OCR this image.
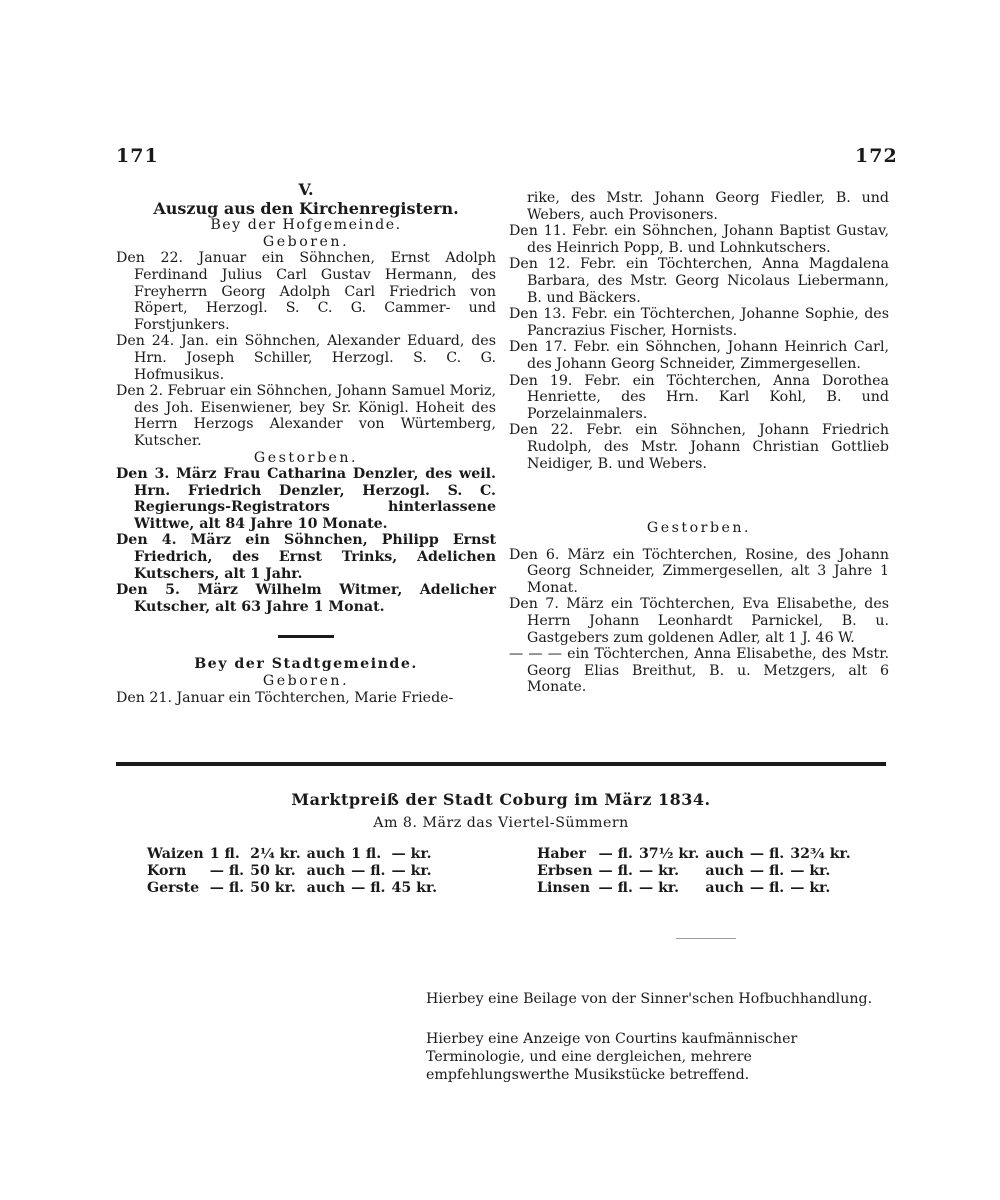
171	172
V.
Auszug aus den Kirchenregistern.
Bey der Hofgemeinde.
Geboren.
Den 22. Januar ein Söhnchen, Ernst Adolph Ferdinand Julius Carl Gustav Hermann, des Freyherrn Georg Adolph Carl Friedrich von Röpert, Herzogl. S. C. G. Cammer- und Forstjunkers.
Den 24. Jan. ein Söhnchen, Alexander Eduard, des Hrn. Joseph Schiller, Herzogl. S. C. G. Hofmusikus.
Den 2. Februar ein Söhnchen, Johann Samuel Moriz, des Joh. Eisenwiener, bey Sr. Königl. Hoheit des Herrn Herzogs Alexander von Würtemberg, Kutscher.
Gestorben.
Den 3. März Frau Catharina Denzler, des weil. Hrn. Friedrich Denzler, Herzogl. S. C. Regierungs-Registrators hinterlassene Wittwe, alt 84 Jahre 10 Monate.
Den 4. März ein Söhnchen, Philipp Ernst Friedrich, des Ernst Trinks, Adelichen Kutschers, alt 1 Jahr.
Den 5. März Wilhelm Witmer, Adelicher Kutscher, alt 63 Jahre 1 Monat.
Bey der Stadtgemeinde.
Geboren.
Den 21. Januar ein Töchterchen, Marie Friede-
rike, des Mstr. Johann Georg Fiedler, B. und Webers, auch Provisoners.
Den 11. Febr. ein Söhnchen, Johann Baptist Gustav, des Heinrich Popp, B. und Lohnkutschers.
Den 12. Febr. ein Töchterchen, Anna Magdalena Barbara, des Mstr. Georg Nicolaus Liebermann, B. und Bäckers.
Den 13. Febr. ein Töchterchen, Johanne Sophie, des Pancrazius Fischer, Hornists.
Den 17. Febr. ein Söhnchen, Johann Heinrich Carl, des Johann Georg Schneider, Zimmergesellen.
Den 19. Febr. ein Töchterchen, Anna Dorothea Henriette, des Hrn. Karl Kohl, B. und Porzelainmalers.
Den 22. Febr. ein Söhnchen, Johann Friedrich Rudolph, des Mstr. Johann Christian Gottlieb Neidiger, B. und Webers.
Gestorben.
Den 6. März ein Töchterchen, Rosine, des Johann Georg Schneider, Zimmergesellen, alt 3 Jahre 1 Monat.
Den 7. März ein Töchterchen, Eva Elisabethe, des Herrn Johann Leonhardt Parnickel, B. u. Gastgebers zum goldenen Adler, alt 1 J. 46 W.
— — — ein Töchterchen, Anna Elisabethe, des Mstr. Georg Elias Breithut, B. u. Metzgers, alt 6 Monate.
Marktpreiß der Stadt Coburg im März 1834.
Am 8. März das Viertel-Sümmern
Waizen	1 fl.	2¼ kr.	auch	1 fl.	— kr.
Korn	— fl.	50 kr.	auch	— fl.	— kr.
Gerste	— fl.	50 kr.	auch	— fl.	45 kr.
Haber	— fl.	37½ kr.	auch	— fl.	32¾ kr.
Erbsen	— fl.	— kr.	auch	— fl.	— kr.
Linsen	— fl.	— kr.	auch	— fl.	— kr.
Hierbey eine Beilage von der Sinner'schen Hofbuchhandlung.
Hierbey eine Anzeige von Courtins kaufmännischer Terminologie, und eine dergleichen, mehrere empfehlungswerthe Musikstücke betreffend.
